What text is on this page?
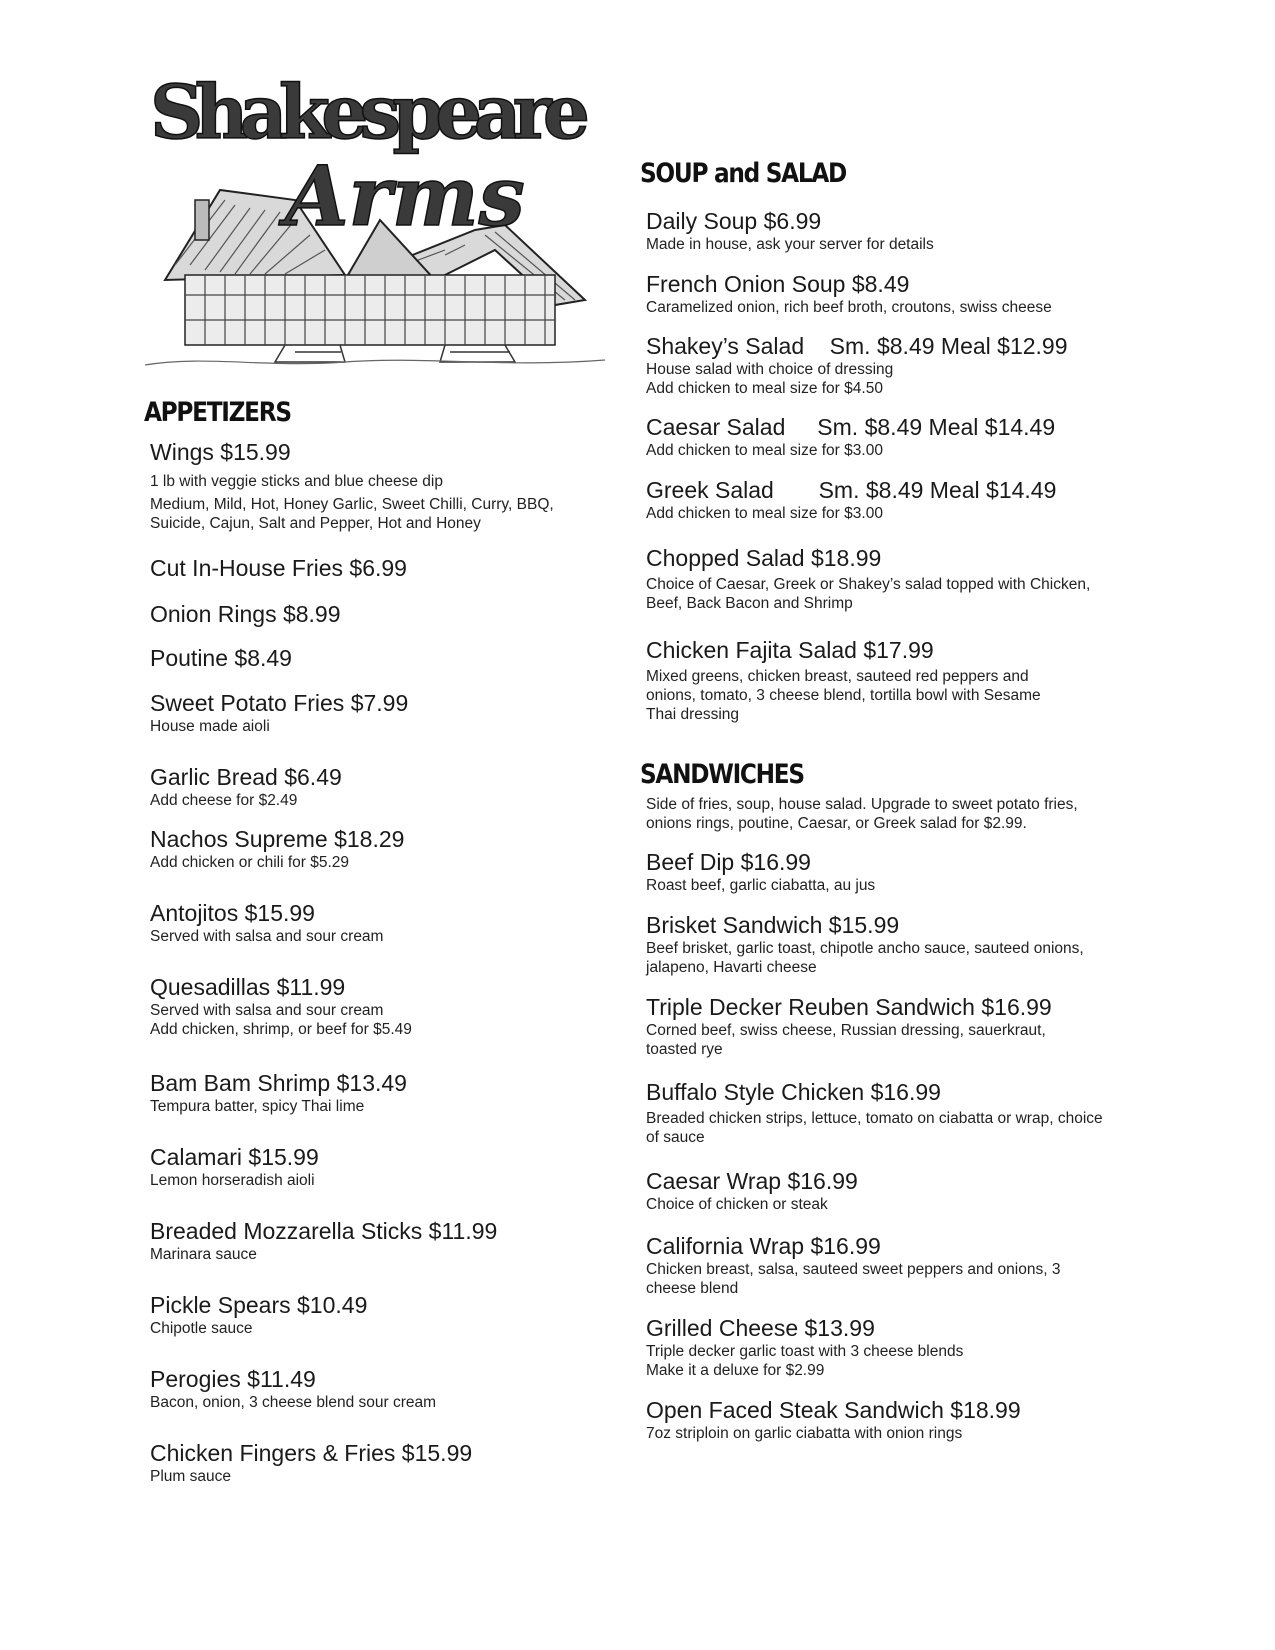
Shakespeare
Arms
APPETIZERS
Wings $15.99
1 lb with veggie sticks and blue cheese dip
Medium, Mild, Hot, Honey Garlic, Sweet Chilli, Curry, BBQ,
Suicide, Cajun, Salt and Pepper, Hot and Honey
Cut In-House Fries $6.99
Onion Rings $8.99
Poutine $8.49
Sweet Potato Fries $7.99
House made aioli
Garlic Bread $6.49
Add cheese for $2.49
Nachos Supreme $18.29
Add chicken or chili for $5.29
Antojitos $15.99
Served with salsa and sour cream
Quesadillas $11.99
Served with salsa and sour cream
Add chicken, shrimp, or beef for $5.49
Bam Bam Shrimp $13.49
Tempura batter, spicy Thai lime
Calamari $15.99
Lemon horseradish aioli
Breaded Mozzarella Sticks $11.99
Marinara sauce
Pickle Spears $10.49
Chipotle sauce
Perogies $11.49
Bacon, onion, 3 cheese blend sour cream
Chicken Fingers & Fries $15.99
Plum sauce
SOUP and SALAD
Daily Soup $6.99
Made in house, ask your server for details
French Onion Soup $8.49
Caramelized onion, rich beef broth, croutons, swiss cheese
Shakey’s Salad    Sm. $8.49 Meal $12.99
House salad with choice of dressing
Add chicken to meal size for $4.50
Caesar Salad     Sm. $8.49 Meal $14.49
Add chicken to meal size for $3.00
Greek Salad       Sm. $8.49 Meal $14.49
Add chicken to meal size for $3.00
Chopped Salad $18.99
Choice of Caesar, Greek or Shakey’s salad topped with Chicken,
Beef, Back Bacon and Shrimp
Chicken Fajita Salad $17.99
Mixed greens, chicken breast, sauteed red peppers and
onions, tomato, 3 cheese blend, tortilla bowl with Sesame
Thai dressing
SANDWICHES
Side of fries, soup, house salad. Upgrade to sweet potato fries,
onions rings, poutine, Caesar, or Greek salad for $2.99.
Beef Dip $16.99
Roast beef, garlic ciabatta, au jus
Brisket Sandwich $15.99
Beef brisket, garlic toast, chipotle ancho sauce, sauteed onions,
jalapeno, Havarti cheese
Triple Decker Reuben Sandwich $16.99
Corned beef, swiss cheese, Russian dressing, sauerkraut,
toasted rye
Buffalo Style Chicken $16.99
Breaded chicken strips, lettuce, tomato on ciabatta or wrap, choice
of sauce
Caesar Wrap $16.99
Choice of chicken or steak
California Wrap $16.99
Chicken breast, salsa, sauteed sweet peppers and onions, 3
cheese blend
Grilled Cheese $13.99
Triple decker garlic toast with 3 cheese blends
Make it a deluxe for $2.99
Open Faced Steak Sandwich $18.99
7oz striploin on garlic ciabatta with onion rings
